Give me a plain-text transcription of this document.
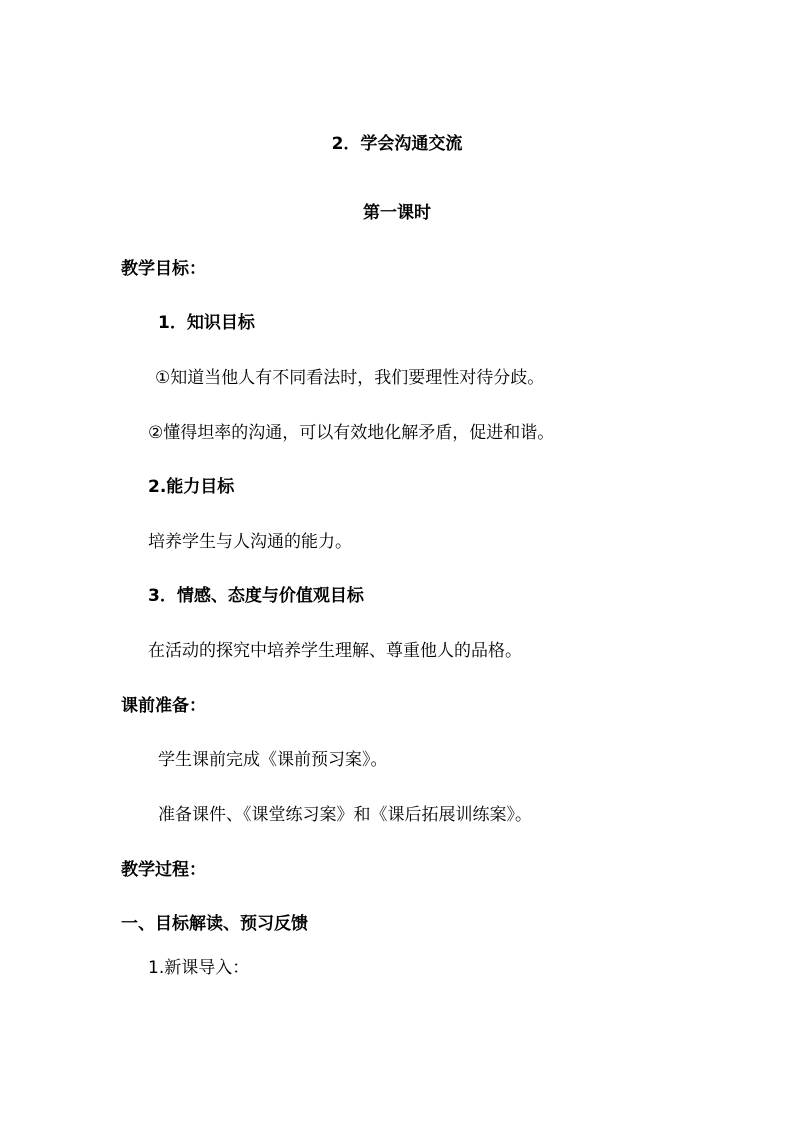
2．学会沟通交流
第一课时
教学目标：
1．知识目标
①知道当他人有不同看法时，我们要理性对待分歧。
②懂得坦率的沟通，可以有效地化解矛盾，促进和谐。
2.能力目标
培养学生与人沟通的能力。
3．情感、态度与价值观目标
在活动的探究中培养学生理解、尊重他人的品格。
课前准备：
学生课前完成《课前预习案》。
准备课件、《课堂练习案》和《课后拓展训练案》。
教学过程：
一、目标解读、预习反馈
1.新课导入：
